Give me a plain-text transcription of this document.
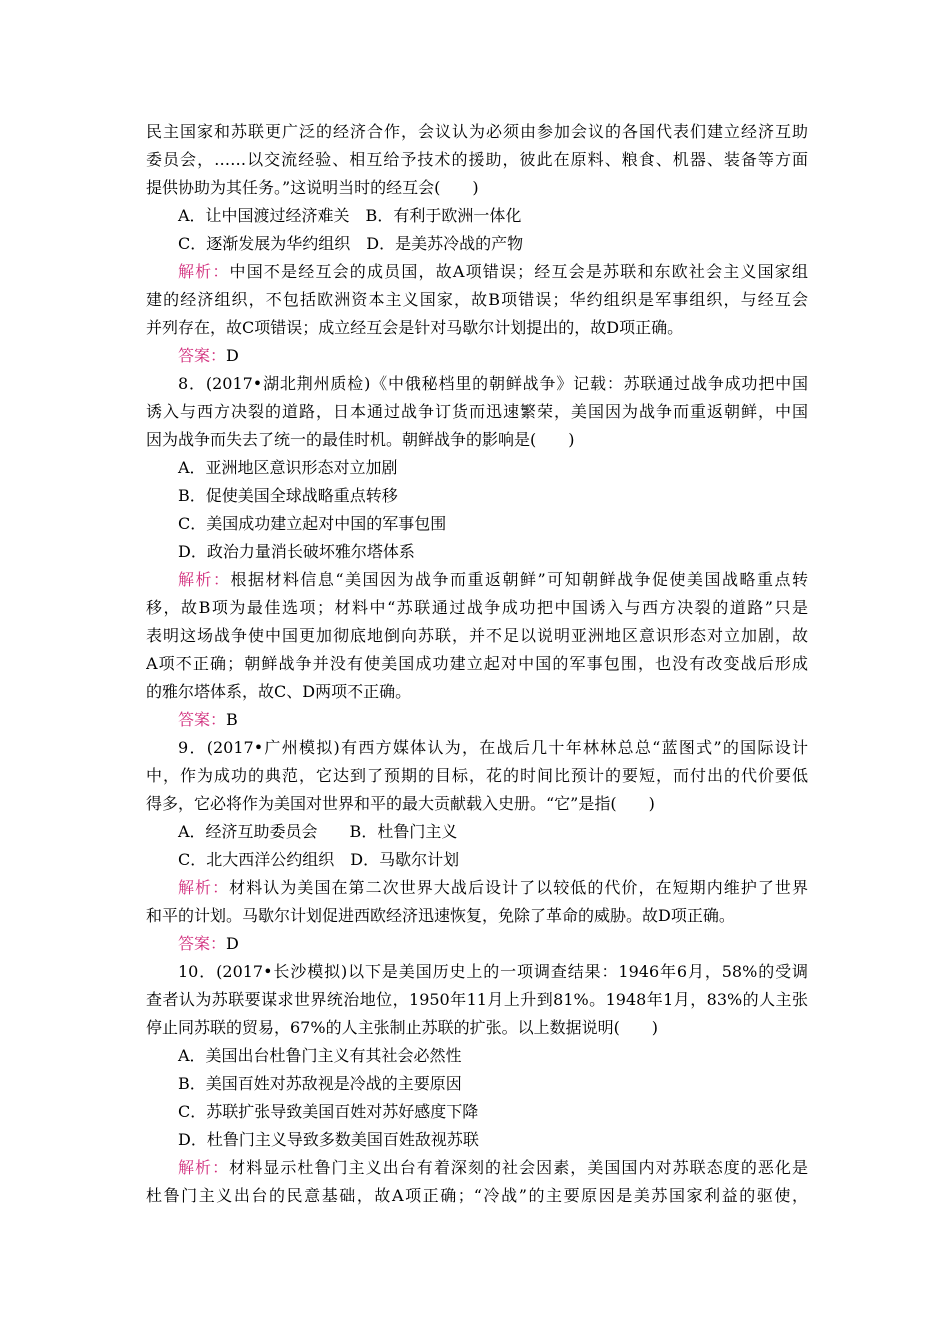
民主国家和苏联更广泛的经济合作，会议认为必须由参加会议的各国代表们建立经济互助
委员会，……以交流经验、相互给予技术的援助，彼此在原料、粮食、机器、装备等方面
提供协助为其任务。”这说明当时的经互会(　　)
A．让中国渡过经济难关　B．有利于欧洲一体化
C．逐渐发展为华约组织　D．是美苏冷战的产物
解析：中国不是经互会的成员国，故A项错误；经互会是苏联和东欧社会主义国家组
建的经济组织，不包括欧洲资本主义国家，故B项错误；华约组织是军事组织，与经互会
并列存在，故C项错误；成立经互会是针对马歇尔计划提出的，故D项正确。
答案：D
8．(2017•湖北荆州质检)《中俄秘档里的朝鲜战争》记载：苏联通过战争成功把中国
诱入与西方决裂的道路，日本通过战争订货而迅速繁荣，美国因为战争而重返朝鲜，中国
因为战争而失去了统一的最佳时机。朝鲜战争的影响是(　　)
A．亚洲地区意识形态对立加剧
B．促使美国全球战略重点转移
C．美国成功建立起对中国的军事包围
D．政治力量消长破坏雅尔塔体系
解析：根据材料信息“美国因为战争而重返朝鲜”可知朝鲜战争促使美国战略重点转
移，故B项为最佳选项；材料中“苏联通过战争成功把中国诱入与西方决裂的道路”只是
表明这场战争使中国更加彻底地倒向苏联，并不足以说明亚洲地区意识形态对立加剧，故
A项不正确；朝鲜战争并没有使美国成功建立起对中国的军事包围，也没有改变战后形成
的雅尔塔体系，故C、D两项不正确。
答案：B
9．(2017•广州模拟)有西方媒体认为，在战后几十年林林总总“蓝图式”的国际设计
中，作为成功的典范，它达到了预期的目标，花的时间比预计的要短，而付出的代价要低
得多，它必将作为美国对世界和平的最大贡献载入史册。“它”是指(　　)
A．经济互助委员会　　B．杜鲁门主义
C．北大西洋公约组织　D．马歇尔计划
解析：材料认为美国在第二次世界大战后设计了以较低的代价，在短期内维护了世界
和平的计划。马歇尔计划促进西欧经济迅速恢复，免除了革命的威胁。故D项正确。
答案：D
10．(2017•长沙模拟)以下是美国历史上的一项调查结果：1946年6月，58%的受调
查者认为苏联要谋求世界统治地位，1950年11月上升到81%。1948年1月，83%的人主张
停止同苏联的贸易，67%的人主张制止苏联的扩张。以上数据说明(　　)
A．美国出台杜鲁门主义有其社会必然性
B．美国百姓对苏敌视是冷战的主要原因
C．苏联扩张导致美国百姓对苏好感度下降
D．杜鲁门主义导致多数美国百姓敌视苏联
解析：材料显示杜鲁门主义出台有着深刻的社会因素，美国国内对苏联态度的恶化是
杜鲁门主义出台的民意基础，故A项正确；“冷战”的主要原因是美苏国家利益的驱使，
